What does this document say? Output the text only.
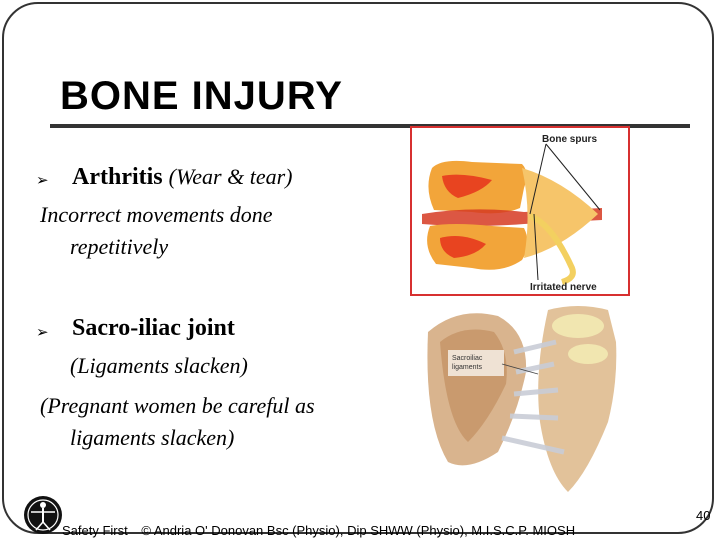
BONE INJURY
➢ Arthritis (Wear & tear)
Incorrect movements done
repetitively
➢ Sacro-iliac joint
(Ligaments slacken)
(Pregnant women be careful as
ligaments slacken)
Bone spurs
Irritated nerve
Sacroiliac
ligaments
Safety First © Andria O' Donovan Bsc (Physio), Dip SHWW (Physio), M.I.S.C.P. MIOSH
40
